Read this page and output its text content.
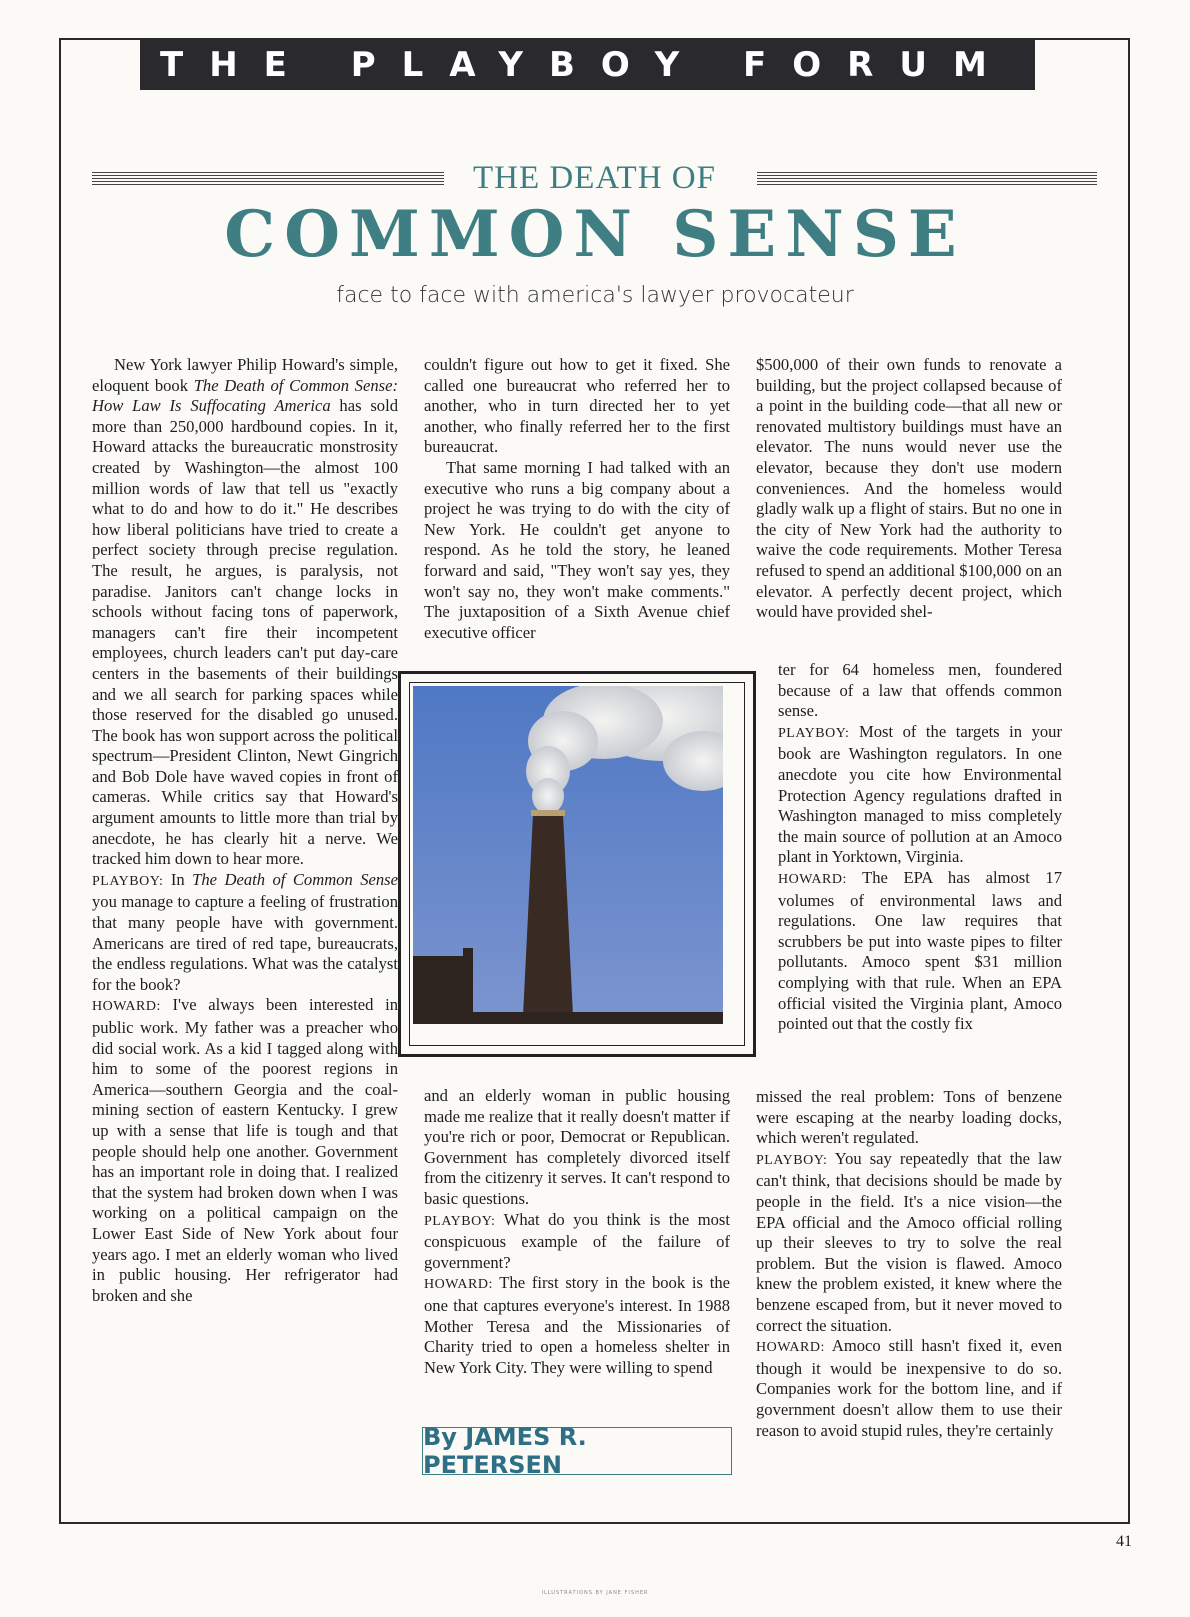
THE PLAYBOY FORUM
THE DEATH OF
COMMON SENSE
face to face with america's lawyer provocateur

New York lawyer Philip Howard's simple, eloquent book The Death of Common Sense: How Law Is Suffocating America has sold more than 250,000 hardbound copies. In it, Howard attacks the bureaucratic monstrosity created by Washington—the almost 100 million words of law that tell us "exactly what to do and how to do it." He describes how liberal politicians have tried to create a perfect society through precise regulation. The result, he argues, is paralysis, not paradise. Janitors can't change locks in schools without facing tons of paperwork, managers can't fire their incompetent employees, church leaders can't put day-care centers in the basements of their buildings and we all search for parking spaces while those reserved for the disabled go unused. The book has won support across the political spectrum—President Clinton, Newt Gingrich and Bob Dole have waved copies in front of cameras. While critics say that Howard's argument amounts to little more than trial by anecdote, he has clearly hit a nerve. We tracked him down to hear more.

PLAYBOY: In The Death of Common Sense you manage to capture a feeling of frustration that many people have with government. Americans are tired of red tape, bureaucrats, the endless regulations. What was the catalyst for the book?

HOWARD: I've always been interested in public work. My father was a preacher who did social work. As a kid I tagged along with him to some of the poorest regions in America—southern Georgia and the coal-mining section of eastern Kentucky. I grew up with a sense that life is tough and that people should help one another. Government has an important role in doing that. I realized that the system had broken down when I was working on a political campaign on the Lower East Side of New York about four years ago. I met an elderly woman who lived in public housing. Her refrigerator had broken and she

couldn't figure out how to get it fixed. She called one bureaucrat who referred her to another, who in turn directed her to yet another, who finally referred her to the first bureaucrat.

That same morning I had talked with an executive who runs a big company about a project he was trying to do with the city of New York. He couldn't get anyone to respond. As he told the story, he leaned forward and said, "They won't say yes, they won't say no, they won't make comments." The juxtaposition of a Sixth Avenue chief executive officer

and an elderly woman in public housing made me realize that it really doesn't matter if you're rich or poor, Democrat or Republican. Government has completely divorced itself from the citizenry it serves. It can't respond to basic questions.

PLAYBOY: What do you think is the most conspicuous example of the failure of government?

HOWARD: The first story in the book is the one that captures everyone's interest. In 1988 Mother Teresa and the Missionaries of Charity tried to open a homeless shelter in New York City. They were willing to spend

By JAMES R. PETERSEN

$500,000 of their own funds to renovate a building, but the project collapsed because of a point in the building code—that all new or renovated multistory buildings must have an elevator. The nuns would never use the elevator, because they don't use modern conveniences. And the homeless would gladly walk up a flight of stairs. But no one in the city of New York had the authority to waive the code requirements. Mother Teresa refused to spend an additional $100,000 on an elevator. A perfectly decent project, which would have provided shel-

ter for 64 homeless men, foundered because of a law that offends common sense.

PLAYBOY: Most of the targets in your book are Washington regulators. In one anecdote you cite how Environmental Protection Agency regulations drafted in Washington managed to miss completely the main source of pollution at an Amoco plant in Yorktown, Virginia.

HOWARD: The EPA has almost 17 volumes of environmental laws and regulations. One law requires that scrubbers be put into waste pipes to filter pollutants. Amoco spent $31 million complying with that rule. When an EPA official visited the Virginia plant, Amoco pointed out that the costly fix

missed the real problem: Tons of benzene were escaping at the nearby loading docks, which weren't regulated.

PLAYBOY: You say repeatedly that the law can't think, that decisions should be made by people in the field. It's a nice vision—the EPA official and the Amoco official rolling up their sleeves to try to solve the real problem. But the vision is flawed. Amoco knew the problem existed, it knew where the benzene escaped from, but it never moved to correct the situation.

HOWARD: Amoco still hasn't fixed it, even though it would be inexpensive to do so. Companies work for the bottom line, and if government doesn't allow them to use their reason to avoid stupid rules, they're certainly

41
ILLUSTRATIONS BY JANE FISHER
